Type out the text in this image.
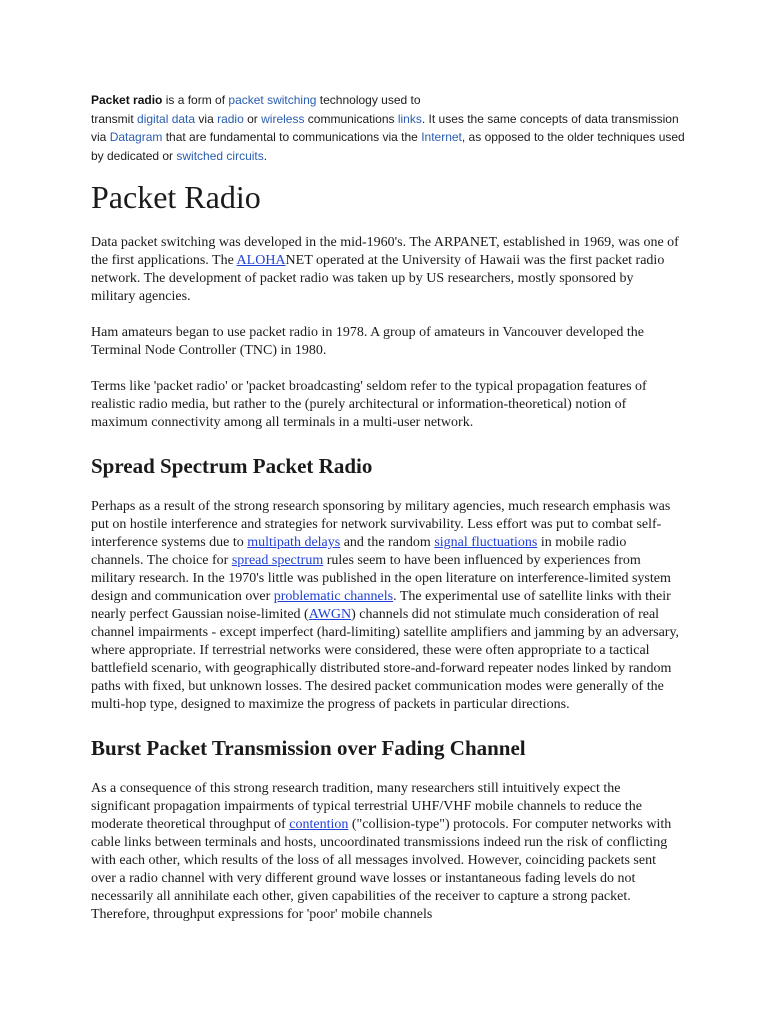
Packet radio is a form of packet switching technology used to
transmit digital data via radio or wireless communications links. It uses the same concepts of data transmission via Datagram that are fundamental to communications via the Internet, as opposed to the older techniques used by dedicated or switched circuits.
Packet Radio

Data packet switching was developed in the mid-1960's. The ARPANET, established in 1969, was one of the first applications. The ALOHANET operated at the University of Hawaii was the first packet radio network. The development of packet radio was taken up by US researchers, mostly sponsored by military agencies.

Ham amateurs began to use packet radio in 1978. A group of amateurs in Vancouver developed the Terminal Node Controller (TNC) in 1980.

Terms like 'packet radio' or 'packet broadcasting' seldom refer to the typical propagation features of realistic radio media, but rather to the (purely architectural or information-theoretical) notion of maximum connectivity among all terminals in a multi-user network.

Spread Spectrum Packet Radio

Perhaps as a result of the strong research sponsoring by military agencies, much research emphasis was put on hostile interference and strategies for network survivability. Less effort was put to combat self- interference systems due to multipath delays and the random signal fluctuations in mobile radio channels. The choice for spread spectrum rules seem to have been influenced by experiences from military research. In the 1970's little was published in the open literature on interference-limited system design and communication over problematic channels. The experimental use of satellite links with their nearly perfect Gaussian noise-limited (AWGN) channels did not stimulate much consideration of real channel impairments - except imperfect (hard-limiting) satellite amplifiers and jamming by an adversary, where appropriate. If terrestrial networks were considered, these were often appropriate to a tactical battlefield scenario, with geographically distributed store-and-forward repeater nodes linked by random paths with fixed, but unknown losses. The desired packet communication modes were generally of the multi-hop type, designed to maximize the progress of packets in particular directions.

Burst Packet Transmission over Fading Channel

As a consequence of this strong research tradition, many researchers still intuitively expect the significant propagation impairments of typical terrestrial UHF/VHF mobile channels to reduce the moderate theoretical throughput of contention ("collision-type") protocols. For computer networks with cable links between terminals and hosts, uncoordinated transmissions indeed run the risk of conflicting with each other, which results of the loss of all messages involved. However, coinciding packets sent over a radio channel with very different ground wave losses or instantaneous fading levels do not necessarily all annihilate each other, given capabilities of the receiver to capture a strong packet. Therefore, throughput expressions for 'poor' mobile channels
